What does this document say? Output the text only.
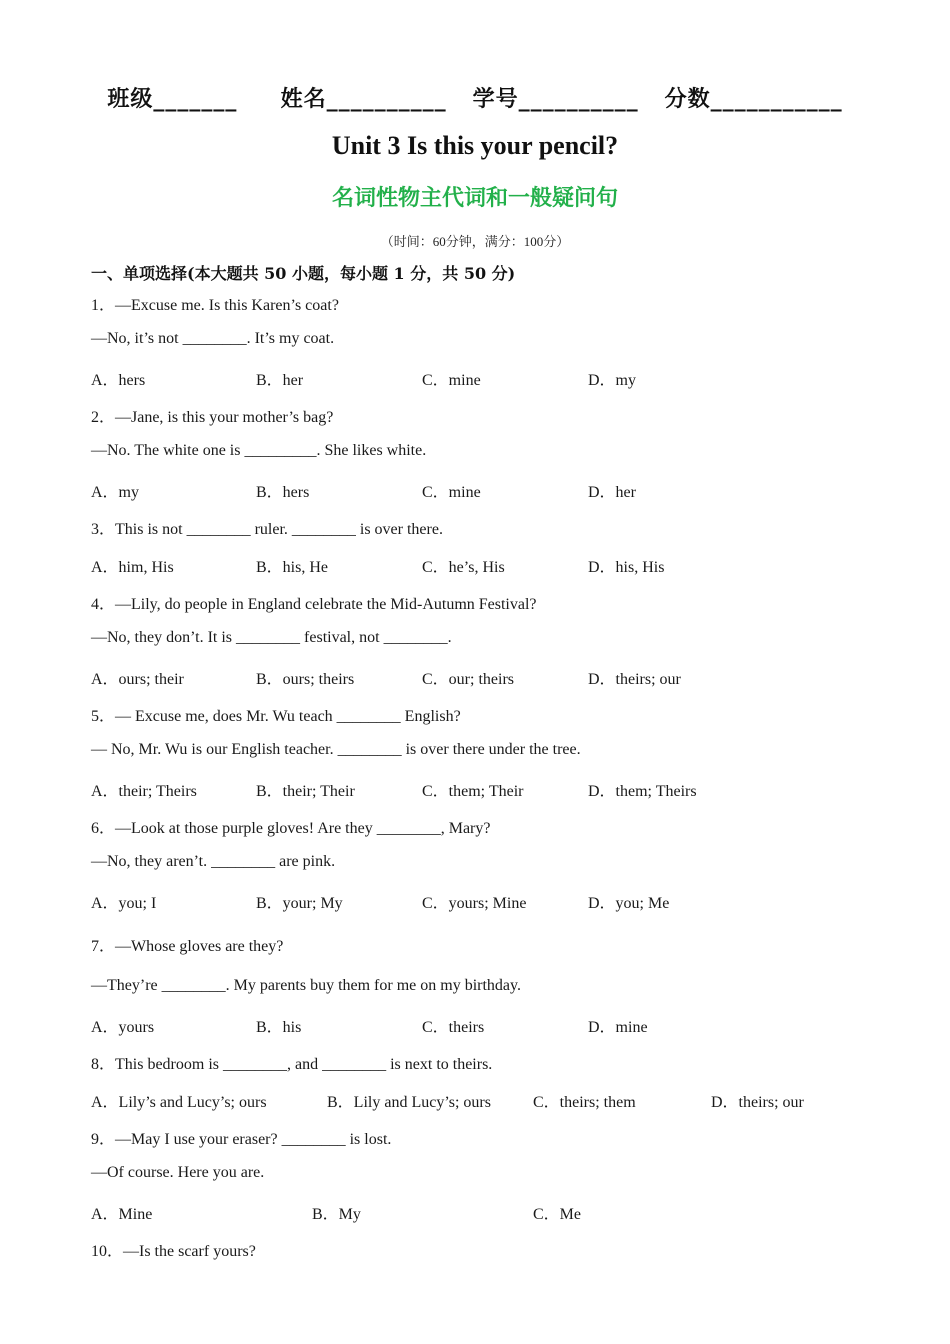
班级_______     姓名__________   学号__________   分数___________
Unit 3 Is this your pencil?
名词性物主代词和一般疑问句
（时间：60分钟，满分：100分）
一、单项选择(本大题共 50 小题，每小题 1 分，共 50 分)
1．—Excuse me. Is this Karen’s coat?
—No, it’s not ________. It’s my coat.
A．hers	B．her	C．mine	D．my
2．—Jane, is this your mother’s bag?
—No. The white one is _________. She likes white.
A．my	B．hers	C．mine	D．her
3．This is not ________ ruler. ________ is over there.
A．him, His	B．his, He	C．he’s, His	D．his, His
4．—Lily, do people in England celebrate the Mid-Autumn Festival?
—No, they don’t. It is ________ festival, not ________.
A．ours; their	B．ours; theirs	C．our; theirs	D．theirs; our
5．— Excuse me, does Mr. Wu teach ________ English?
— No, Mr. Wu is our English teacher. ________ is over there under the tree.
A．their; Theirs	B．their; Their	C．them; Their	D．them; Theirs
6．—Look at those purple gloves! Are they ________, Mary?
—No, they aren’t. ________ are pink.
A．you; I	B．your; My	C．yours; Mine	D．you; Me
7．—Whose gloves are they?
—They’re ________. My parents buy them for me on my birthday.
A．yours	B．his	C．theirs	D．mine
8．This bedroom is ________, and ________ is next to theirs.
A．Lily’s and Lucy’s; ours	B．Lily and Lucy’s; ours	C．theirs; them	D．theirs; our
9．—May I use your eraser? ________ is lost.
—Of course. Here you are.
A．Mine	B．My	C．Me
10．—Is the scarf yours?
